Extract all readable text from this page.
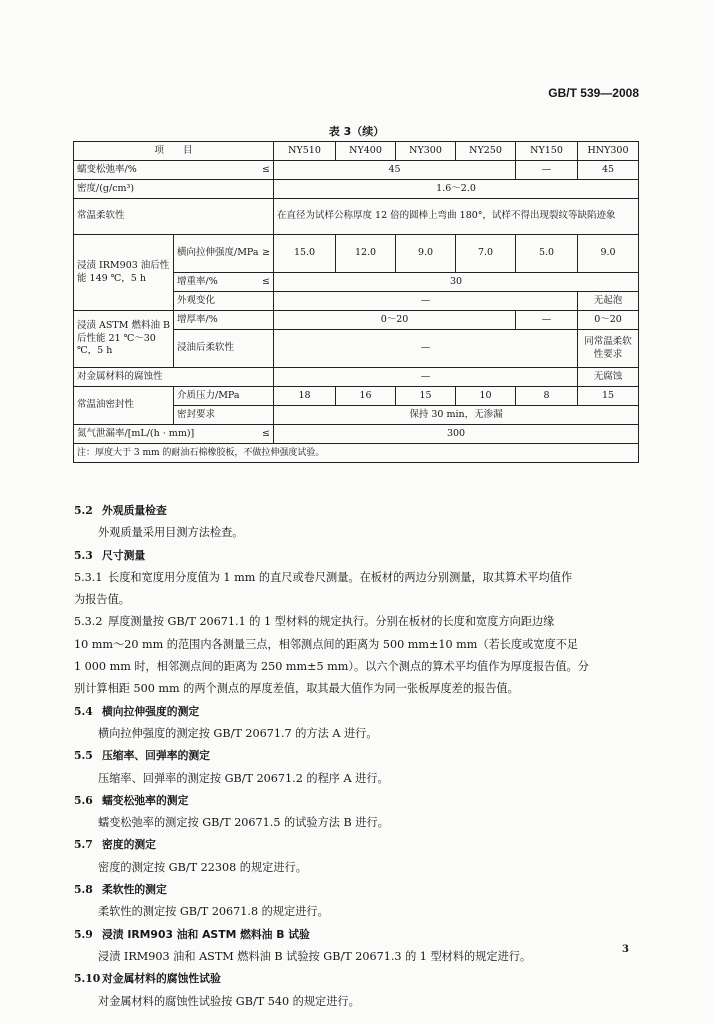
GB/T 539—2008
表 3（续）
项　　目		NY510	NY400	NY300	NY250	NY150	HNY300

蠕变松弛率/% ≤		45				—	45
密度/(g/cm³)		1.6～2.0					
常温柔软性		在直径为试样公称厚度 12 倍的圆棒上弯曲 180°，试样不得出现裂纹等缺陷迹象					
浸渍 IRM903 油后性能 149 ℃，5 h	横向拉伸强度/MPa ≥	15.0	12.0	9.0	7.0	5.0	9.0

	增重率/% ≤	30					
	外观变化	—					无起泡
浸渍 ASTM 燃料油 B 后性能 21 ℃～30 ℃，5 h	增厚率/%	0～20				—	0～20
	浸油后柔软性	—					同常温柔软性要求
对金属材料的腐蚀性		—					无腐蚀
常温油密封性	介质压力/MPa	18	16	15	10	8	15
	密封要求	保持 30 min，无渗漏					

氮气泄漏率/[mL/(h · mm)] ≤		300					
注：厚度大于 3 mm 的耐油石棉橡胶板，不做拉伸强度试验。							

5.2 外观质量检查

外观质量采用目测方法检查。

5.3 尺寸测量

5.3.1 长度和宽度用分度值为 1 mm 的直尺或卷尺测量。在板材的两边分别测量，取其算术平均值作

为报告值。

5.3.2 厚度测量按 GB/T 20671.1 的 1 型材料的规定执行。分别在板材的长度和宽度方向距边缘

10 mm～20 mm 的范围内各测量三点，相邻测点间的距离为 500 mm±10 mm（若长度或宽度不足

1 000 mm 时，相邻测点间的距离为 250 mm±5 mm）。以六个测点的算术平均值作为厚度报告值。分

别计算相距 500 mm 的两个测点的厚度差值，取其最大值作为同一张板厚度差的报告值。

5.4 横向拉伸强度的测定

横向拉伸强度的测定按 GB/T 20671.7 的方法 A 进行。

5.5 压缩率、回弹率的测定

压缩率、回弹率的测定按 GB/T 20671.2 的程序 A 进行。

5.6 蠕变松弛率的测定

蠕变松弛率的测定按 GB/T 20671.5 的试验方法 B 进行。

5.7 密度的测定

密度的测定按 GB/T 22308 的规定进行。

5.8 柔软性的测定

柔软性的测定按 GB/T 20671.8 的规定进行。

5.9 浸渍 IRM903 油和 ASTM 燃料油 B 试验

浸渍 IRM903 油和 ASTM 燃料油 B 试验按 GB/T 20671.3 的 1 型材料的规定进行。

5.10 对金属材料的腐蚀性试验

对金属材料的腐蚀性试验按 GB/T 540 的规定进行。

3
